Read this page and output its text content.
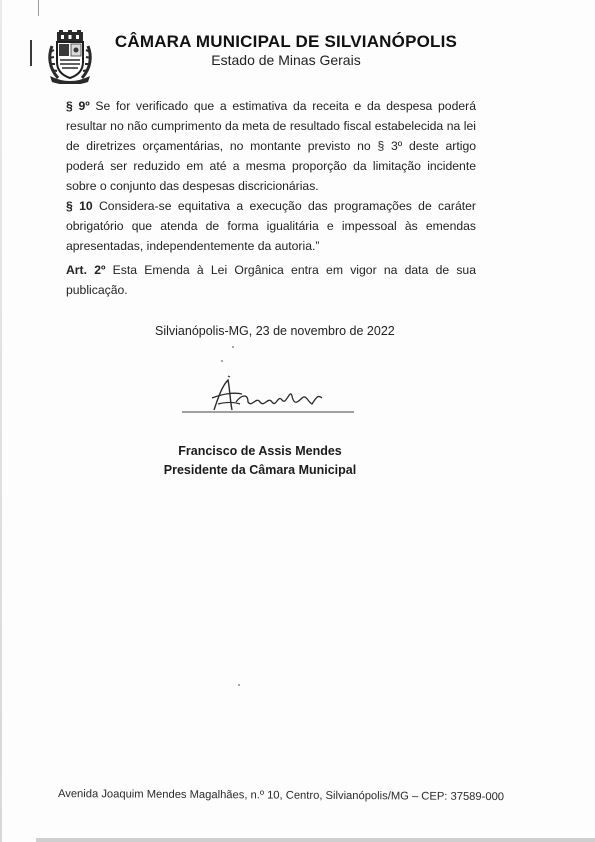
CÂMARA MUNICIPAL DE SILVIANÓPOLIS
Estado de Minas Gerais
§ 9º Se for verificado que a estimativa da receita e da despesa poderá resultar no não cumprimento da meta de resultado fiscal estabelecida na lei de diretrizes orçamentárias, no montante previsto no § 3º deste artigo poderá ser reduzido em até a mesma proporção da limitação incidente sobre o conjunto das despesas discricionárias.
§ 10 Considera-se equitativa a execução das programações de caráter obrigatório que atenda de forma igualitária e impessoal às emendas apresentadas, independentemente da autoria.”
Art. 2º Esta Emenda à Lei Orgânica entra em vigor na data de sua publicação.
Silvianópolis-MG, 23 de novembro de 2022
Francisco de Assis Mendes
Presidente da Câmara Municipal
Avenida Joaquim Mendes Magalhães, n.º 10, Centro, Silvianópolis/MG – CEP: 37589-000
